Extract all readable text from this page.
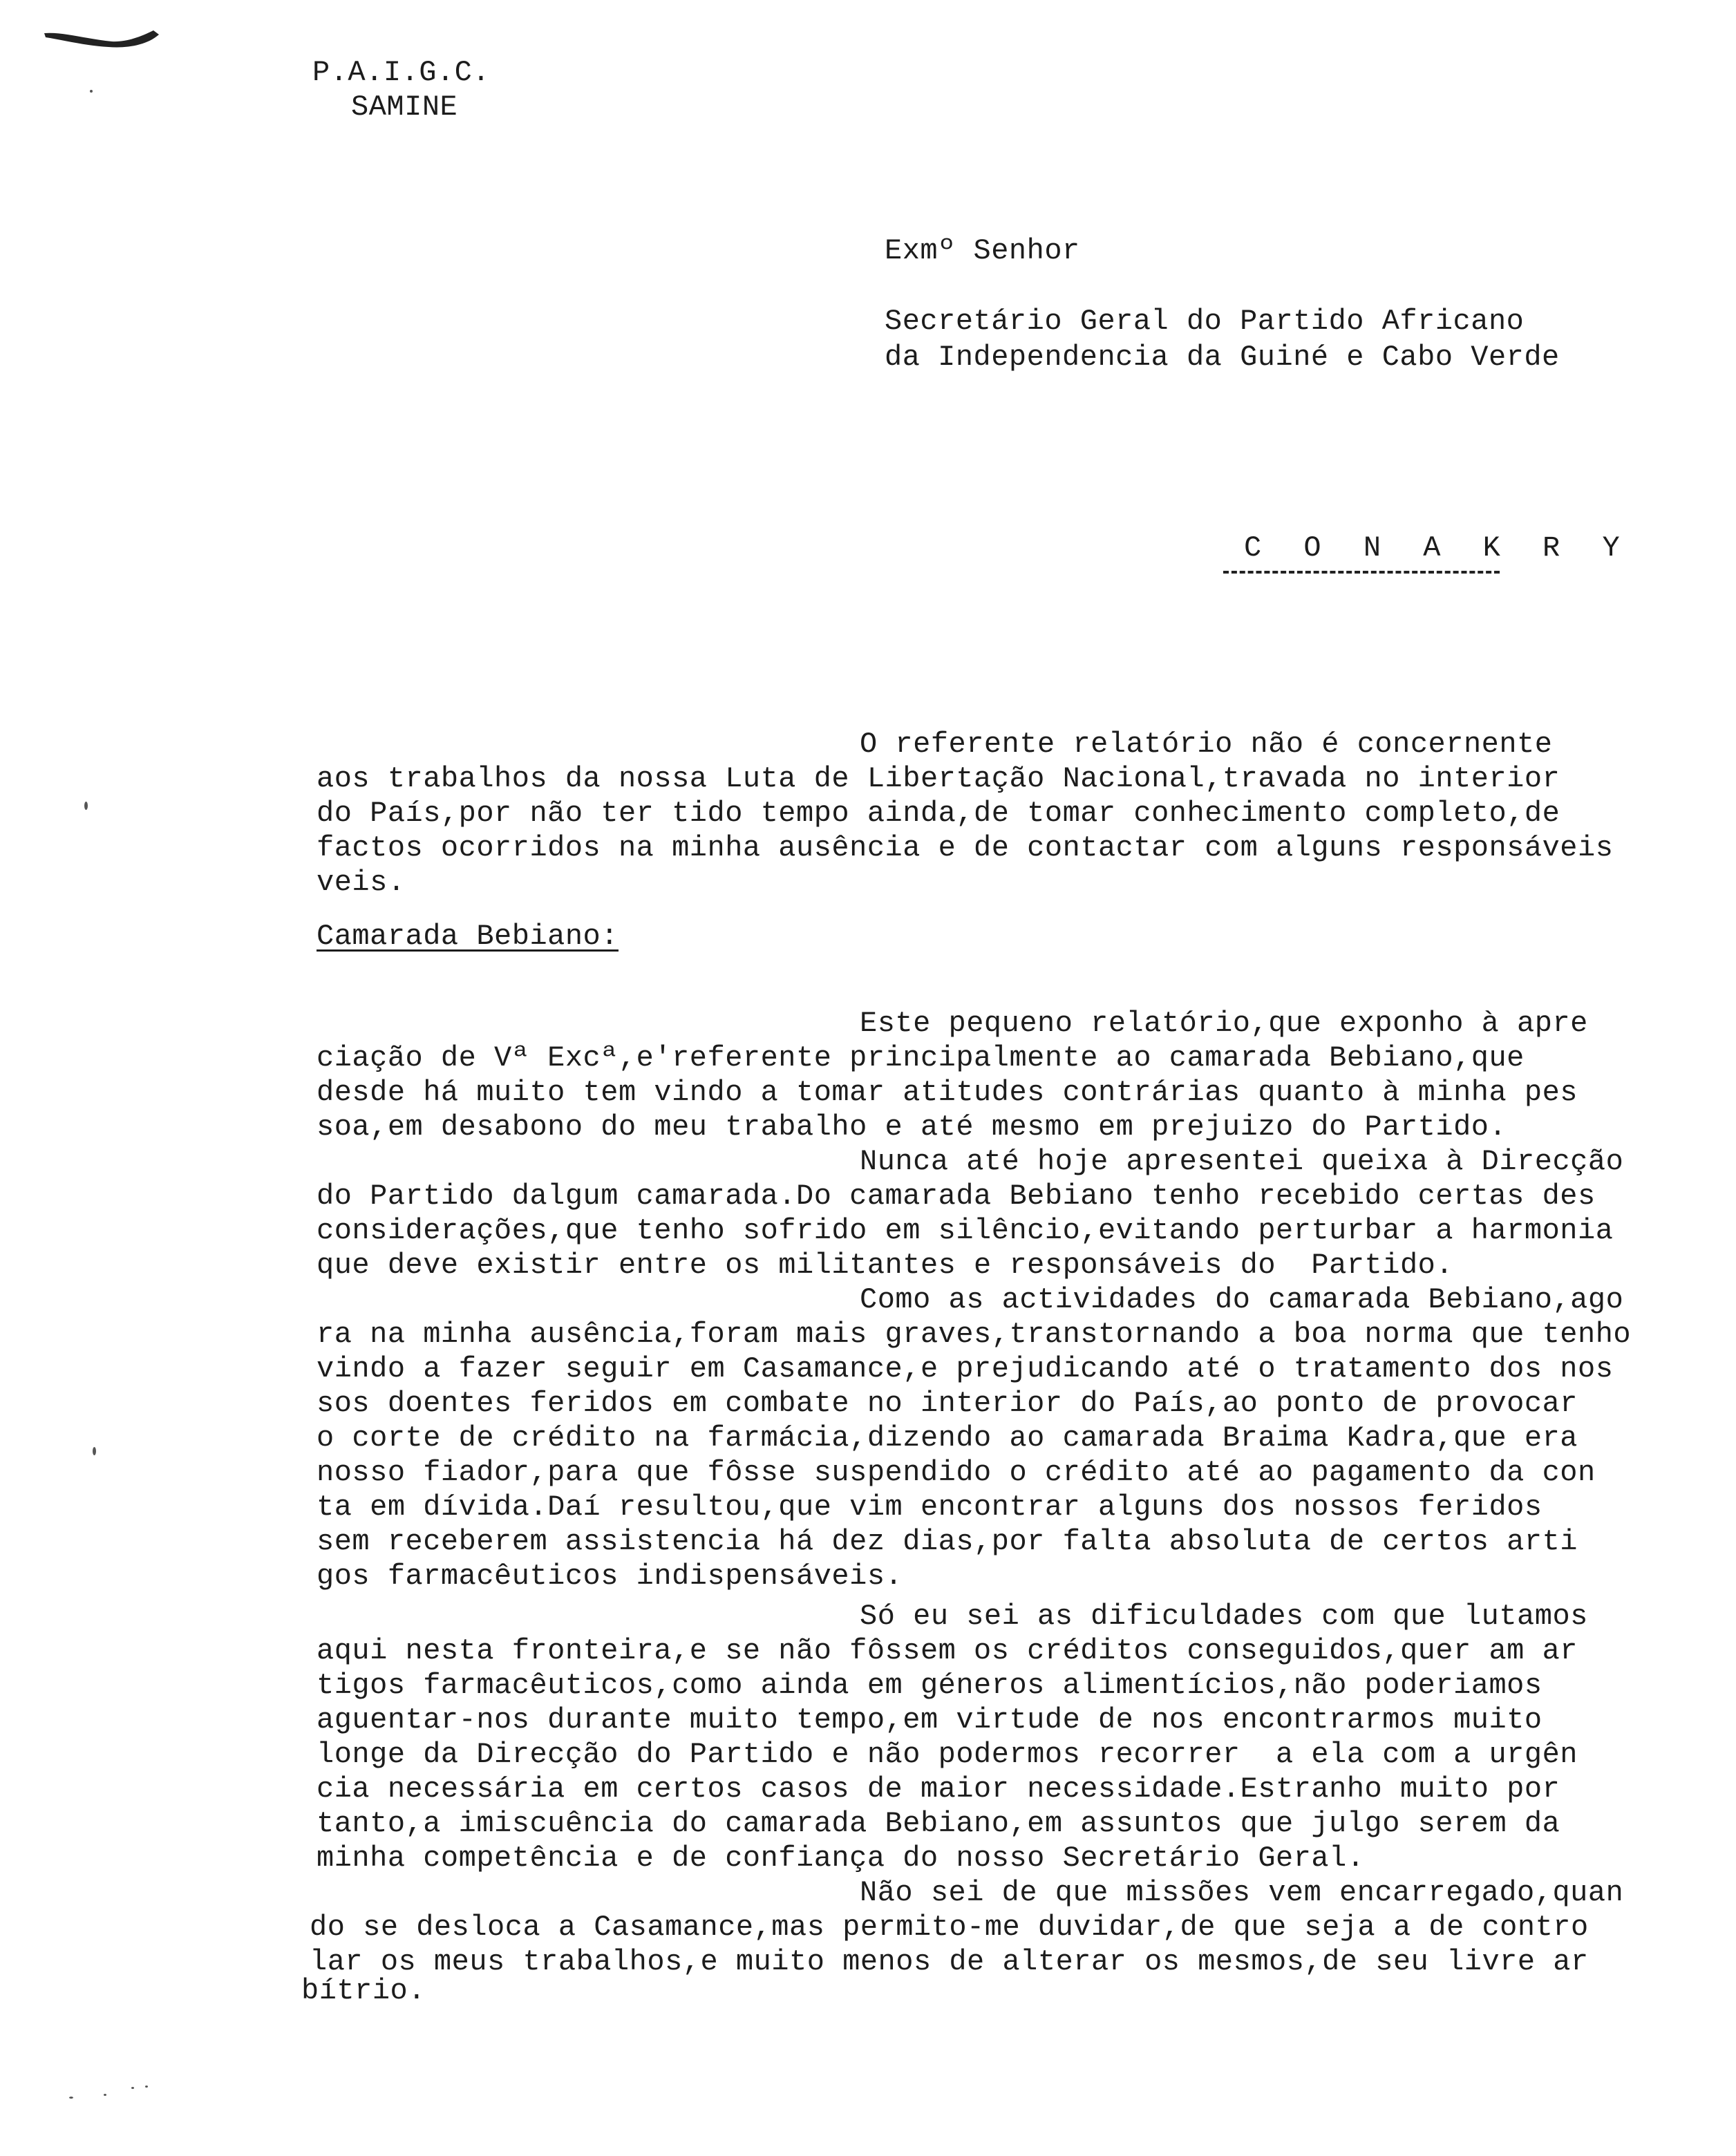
P.A.I.G.C.
SAMINE
Exmº Senhor
Secretário Geral do Partido Africano
da Independencia da Guiné e Cabo Verde
C O N A K R Y
O referente relatório não é concernente
aos trabalhos da nossa Luta de Libertação Nacional,travada no interior
do País,por não ter tido tempo ainda,de tomar conhecimento completo,de
factos ocorridos na minha ausência e de contactar com alguns responsáveis
veis.
Camarada Bebiano:
Este pequeno relatório,que exponho à apre
ciação de Vª Excª,e'referente principalmente ao camarada Bebiano,que
desde há muito tem vindo a tomar atitudes contrárias quanto à minha pes
soa,em desabono do meu trabalho e até mesmo em prejuizo do Partido.
Nunca até hoje apresentei queixa à Direcção
do Partido dalgum camarada.Do camarada Bebiano tenho recebido certas des
considerações,que tenho sofrido em silêncio,evitando perturbar a harmonia
que deve existir entre os militantes e responsáveis do  Partido.
Como as actividades do camarada Bebiano,ago
ra na minha ausência,foram mais graves,transtornando a boa norma que tenho
vindo a fazer seguir em Casamance,e prejudicando até o tratamento dos nos
sos doentes feridos em combate no interior do País,ao ponto de provocar
o corte de crédito na farmácia,dizendo ao camarada Braima Kadra,que era
nosso fiador,para que fôsse suspendido o crédito até ao pagamento da con
ta em dívida.Daí resultou,que vim encontrar alguns dos nossos feridos
sem receberem assistencia há dez dias,por falta absoluta de certos arti
gos farmacêuticos indispensáveis.
Só eu sei as dificuldades com que lutamos
aqui nesta fronteira,e se não fôssem os créditos conseguidos,quer am ar
tigos farmacêuticos,como ainda em géneros alimentícios,não poderiamos
aguentar-nos durante muito tempo,em virtude de nos encontrarmos muito
longe da Direcção do Partido e não podermos recorrer  a ela com a urgên
cia necessária em certos casos de maior necessidade.Estranho muito por
tanto,a imiscuência do camarada Bebiano,em assuntos que julgo serem da
minha competência e de confiança do nosso Secretário Geral.
Não sei de que missões vem encarregado,quan
do se desloca a Casamance,mas permito-me duvidar,de que seja a de contro
lar os meus trabalhos,e muito menos de alterar os mesmos,de seu livre ar
bítrio.
